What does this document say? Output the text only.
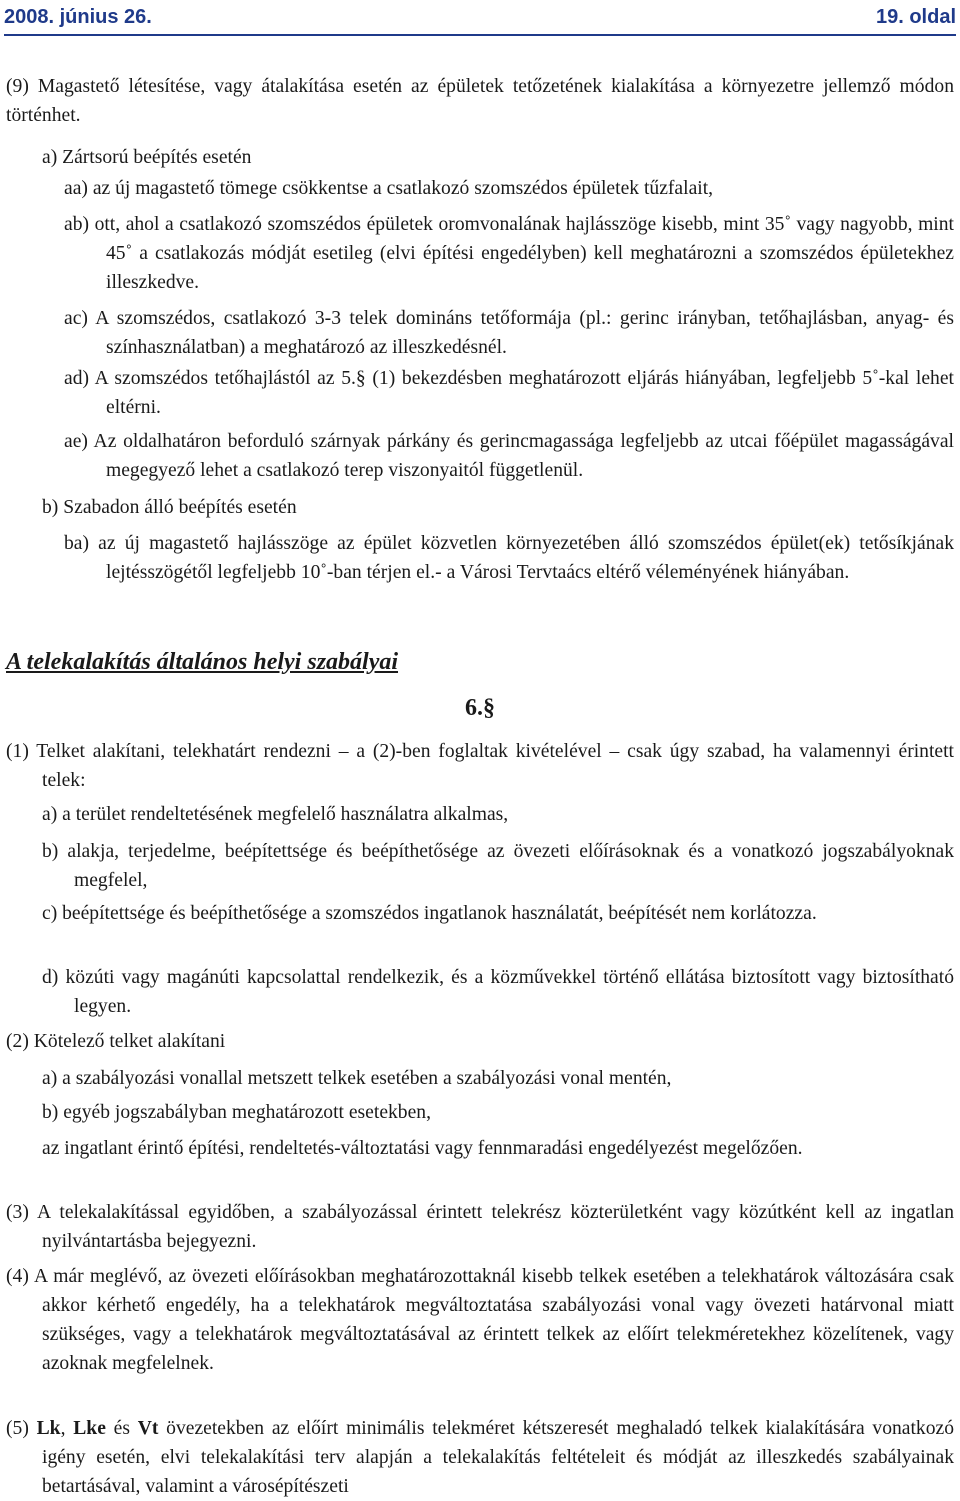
2008. június 26.	19. oldal
(9) Magastető létesítése, vagy átalakítása esetén az épületek tetőzetének kialakítása a környezetre jellemző módon történhet.
a) Zártsorú beépítés esetén
aa) az új magastető tömege csökkentse a csatlakozó szomszédos épületek tűzfalait,
ab) ott, ahol a csatlakozó szomszédos épületek oromvonalának hajlásszöge kisebb, mint 35˚ vagy nagyobb, mint 45˚ a csatlakozás módját esetileg (elvi építési engedélyben) kell meghatározni a szomszédos épületekhez illeszkedve.
ac) A szomszédos, csatlakozó 3-3 telek domináns tetőformája (pl.: gerinc irányban, tetőhajlásban, anyag- és színhasználatban) a meghatározó az illeszkedésnél.
ad) A szomszédos tetőhajlástól az 5.§ (1) bekezdésben meghatározott eljárás hiányában, legfeljebb 5˚-kal lehet eltérni.
ae) Az oldalhatáron beforduló szárnyak párkány és gerincmagassága legfeljebb az utcai főépület magasságával megegyező lehet a csatlakozó terep viszonyaitól függetlenül.
b) Szabadon álló beépítés esetén
ba) az új magastető hajlásszöge az épület közvetlen környezetében álló szomszédos épület(ek) tetősíkjának lejtésszögétől legfeljebb 10˚-ban térjen el.- a Városi Tervtaács eltérő véleményének hiányában.
A telekalakítás általános helyi szabályai
6.§
(1) Telket alakítani, telekhatárt rendezni – a (2)-ben foglaltak kivételével – csak úgy szabad, ha valamennyi érintett telek:
a) a terület rendeltetésének megfelelő használatra alkalmas,
b) alakja, terjedelme, beépítettsége és beépíthetősége az övezeti előírásoknak és a vonatkozó jogszabályoknak megfelel,
c) beépítettsége és beépíthetősége a szomszédos ingatlanok használatát, beépítését nem korlátozza.
d) közúti vagy magánúti kapcsolattal rendelkezik, és a közművekkel történő ellátása biztosított vagy biztosítható legyen.
(2) Kötelező telket alakítani
a) a szabályozási vonallal metszett telkek esetében a szabályozási vonal mentén,
b) egyéb jogszabályban meghatározott esetekben,
az ingatlant érintő építési, rendeltetés-változtatási vagy fennmaradási engedélyezést megelőzően.
(3) A telekalakítással egyidőben, a szabályozással érintett telekrész közterületként vagy közútként kell az ingatlan nyilvántartásba bejegyezni.
(4) A már meglévő, az övezeti előírásokban meghatározottaknál kisebb telkek esetében a telekhatárok változására csak akkor kérhető engedély, ha a telekhatárok megváltoztatása szabályozási vonal vagy övezeti határvonal miatt szükséges, vagy a telekhatárok megváltoztatásával az érintett telkek az előírt telekméretekhez közelítenek, vagy azoknak megfelelnek.
(5) Lk, Lke és Vt övezetekben az előírt minimális telekméret kétszeresét meghaladó telkek kialakítására vonatkozó igény esetén, elvi telekalakítási terv alapján a telekalakítás feltételeit és módját az illeszkedés szabályainak betartásával, valamint a városépítészeti
